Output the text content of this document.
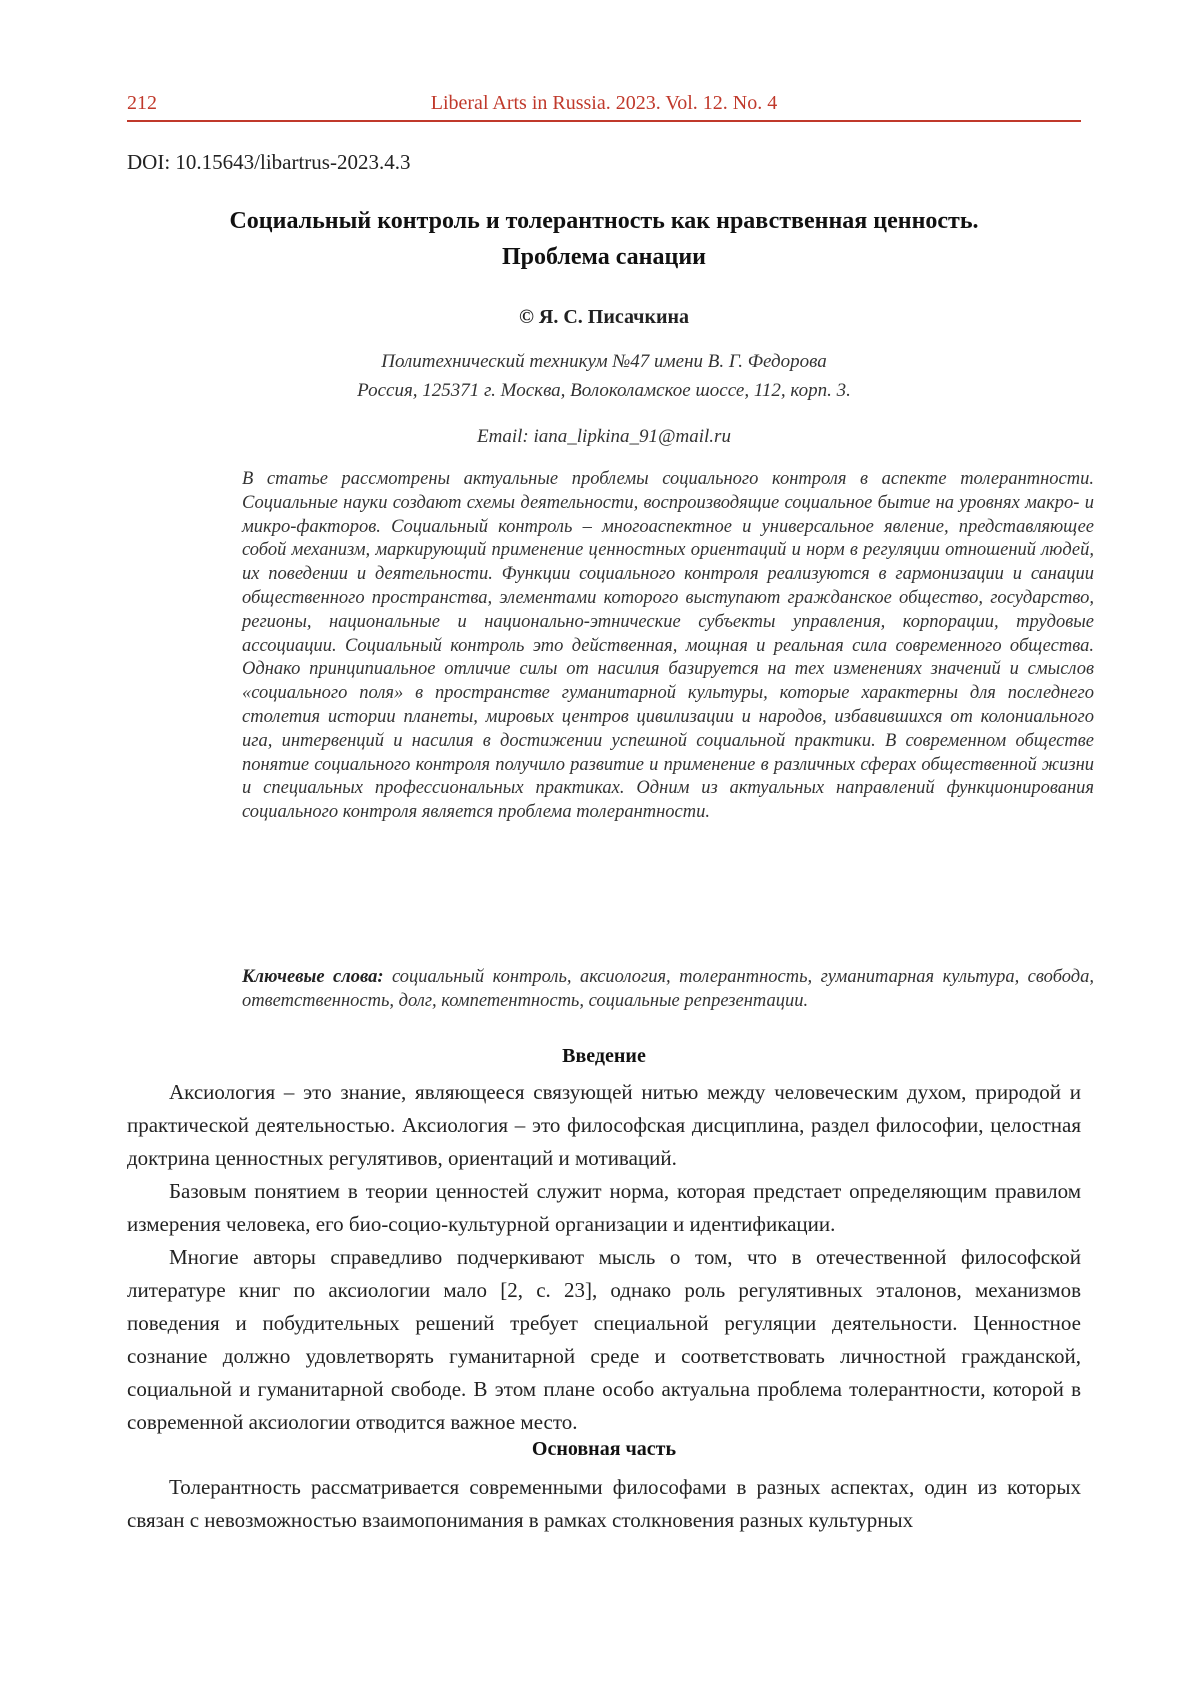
212	Liberal Arts in Russia. 2023. Vol. 12. No. 4
DOI: 10.15643/libartrus-2023.4.3
Социальный контроль и толерантность как нравственная ценность. Проблема санации
© Я. С. Писачкина
Политехнический техникум №47 имени В. Г. Федорова
Россия, 125371 г. Москва, Волоколамское шоссе, 112, корп. 3.
Email: iana_lipkina_91@mail.ru

В статье рассмотрены актуальные проблемы социального контроля в аспекте толерантности. Социальные науки создают схемы деятельности, воспроизводящие социальное бытие на уровнях макро- и микро-факторов. Социальный контроль – многоаспектное и универсальное явление, представляющее собой механизм, маркирующий применение ценностных ориентаций и норм в регуляции отношений людей, их поведении и деятельности. Функции социального контроля реализуются в гармонизации и санации общественного пространства, элементами которого выступают гражданское общество, государство, регионы, национальные и национально-этнические субъекты управления, корпорации, трудовые ассоциации. Социальный контроль это действенная, мощная и реальная сила современного общества. Однако принципиальное отличие силы от насилия базируется на тех изменениях значений и смыслов «социального поля» в пространстве гуманитарной культуры, которые характерны для последнего столетия истории планеты, мировых центров цивилизации и народов, избавившихся от колониального ига, интервенций и насилия в достижении успешной социальной практики. В современном обществе понятие социального контроля получило развитие и применение в различных сферах общественной жизни и специальных профессиональных практиках. Одним из актуальных направлений функционирования социального контроля является проблема толерантности.

Ключевые слова: социальный контроль, аксиология, толерантность, гуманитарная культура, свобода, ответственность, долг, компетентность, социальные репрезентации.

Введение

Аксиология – это знание, являющееся связующей нитью между человеческим духом, природой и практической деятельностью. Аксиология – это философская дисциплина, раздел философии, целостная доктрина ценностных регулятивов, ориентаций и мотиваций.

Базовым понятием в теории ценностей служит норма, которая предстает определяющим правилом измерения человека, его био-социо-культурной организации и идентификации.

Многие авторы справедливо подчеркивают мысль о том, что в отечественной философской литературе книг по аксиологии мало [2, с. 23], однако роль регулятивных эталонов, механизмов поведения и побудительных решений требует специальной регуляции деятельности. Ценностное сознание должно удовлетворять гуманитарной среде и соответствовать личностной гражданской, социальной и гуманитарной свободе. В этом плане особо актуальна проблема толерантности, которой в современной аксиологии отводится важное место.

Основная часть

Толерантность рассматривается современными философами в разных аспектах, один из которых связан с невозможностью взаимопонимания в рамках столкновения разных культурных
